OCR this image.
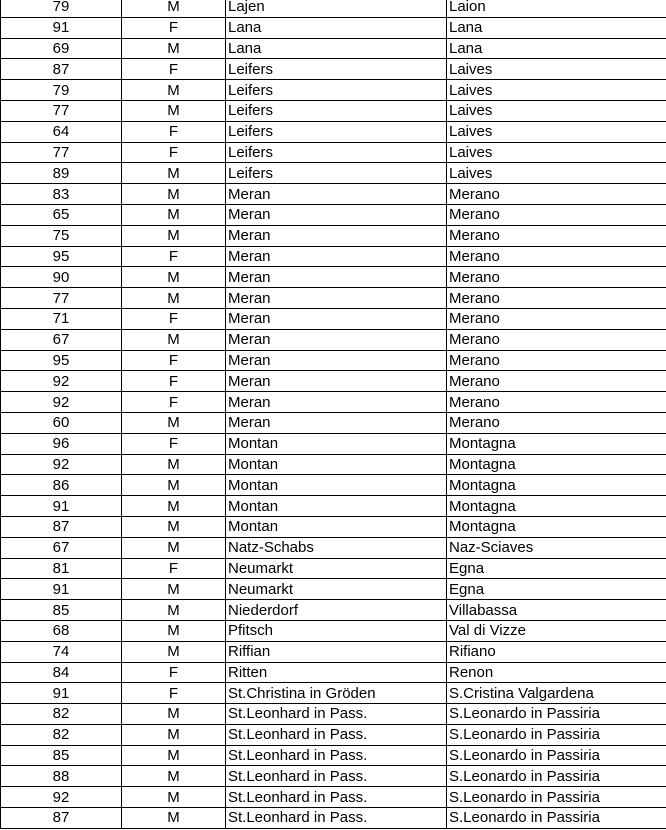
79	M	Lajen	Laion
91	F	Lana	Lana
69	M	Lana	Lana
87	F	Leifers	Laives
79	M	Leifers	Laives
77	M	Leifers	Laives
64	F	Leifers	Laives
77	F	Leifers	Laives
89	M	Leifers	Laives
83	M	Meran	Merano
65	M	Meran	Merano
75	M	Meran	Merano
95	F	Meran	Merano
90	M	Meran	Merano
77	M	Meran	Merano
71	F	Meran	Merano
67	M	Meran	Merano
95	F	Meran	Merano
92	F	Meran	Merano
92	F	Meran	Merano
60	M	Meran	Merano
96	F	Montan	Montagna
92	M	Montan	Montagna
86	M	Montan	Montagna
91	M	Montan	Montagna
87	M	Montan	Montagna
67	M	Natz-Schabs	Naz-Sciaves
81	F	Neumarkt	Egna
91	M	Neumarkt	Egna
85	M	Niederdorf	Villabassa
68	M	Pfitsch	Val di Vizze
74	M	Riffian	Rifiano
84	F	Ritten	Renon
91	F	St.Christina in Gröden	S.Cristina Valgardena
82	M	St.Leonhard in Pass.	S.Leonardo in Passiria
82	M	St.Leonhard in Pass.	S.Leonardo in Passiria
85	M	St.Leonhard in Pass.	S.Leonardo in Passiria
88	M	St.Leonhard in Pass.	S.Leonardo in Passiria
92	M	St.Leonhard in Pass.	S.Leonardo in Passiria
87	M	St.Leonhard in Pass.	S.Leonardo in Passiria
